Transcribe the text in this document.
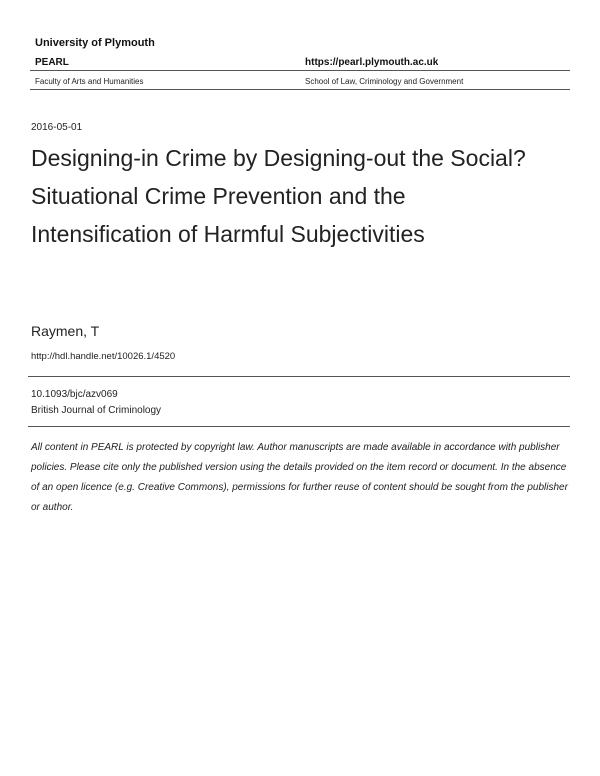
University of Plymouth
PEARL	https://pearl.plymouth.ac.uk
Faculty of Arts and Humanities	School of Law, Criminology and Government
2016-05-01
Designing-in Crime by Designing-out the Social? Situational Crime Prevention and the Intensification of Harmful Subjectivities
Raymen, T
http://hdl.handle.net/10026.1/4520
10.1093/bjc/azv069
British Journal of Criminology
All content in PEARL is protected by copyright law. Author manuscripts are made available in accordance with publisher policies. Please cite only the published version using the details provided on the item record or document. In the absence of an open licence (e.g. Creative Commons), permissions for further reuse of content should be sought from the publisher or author.
